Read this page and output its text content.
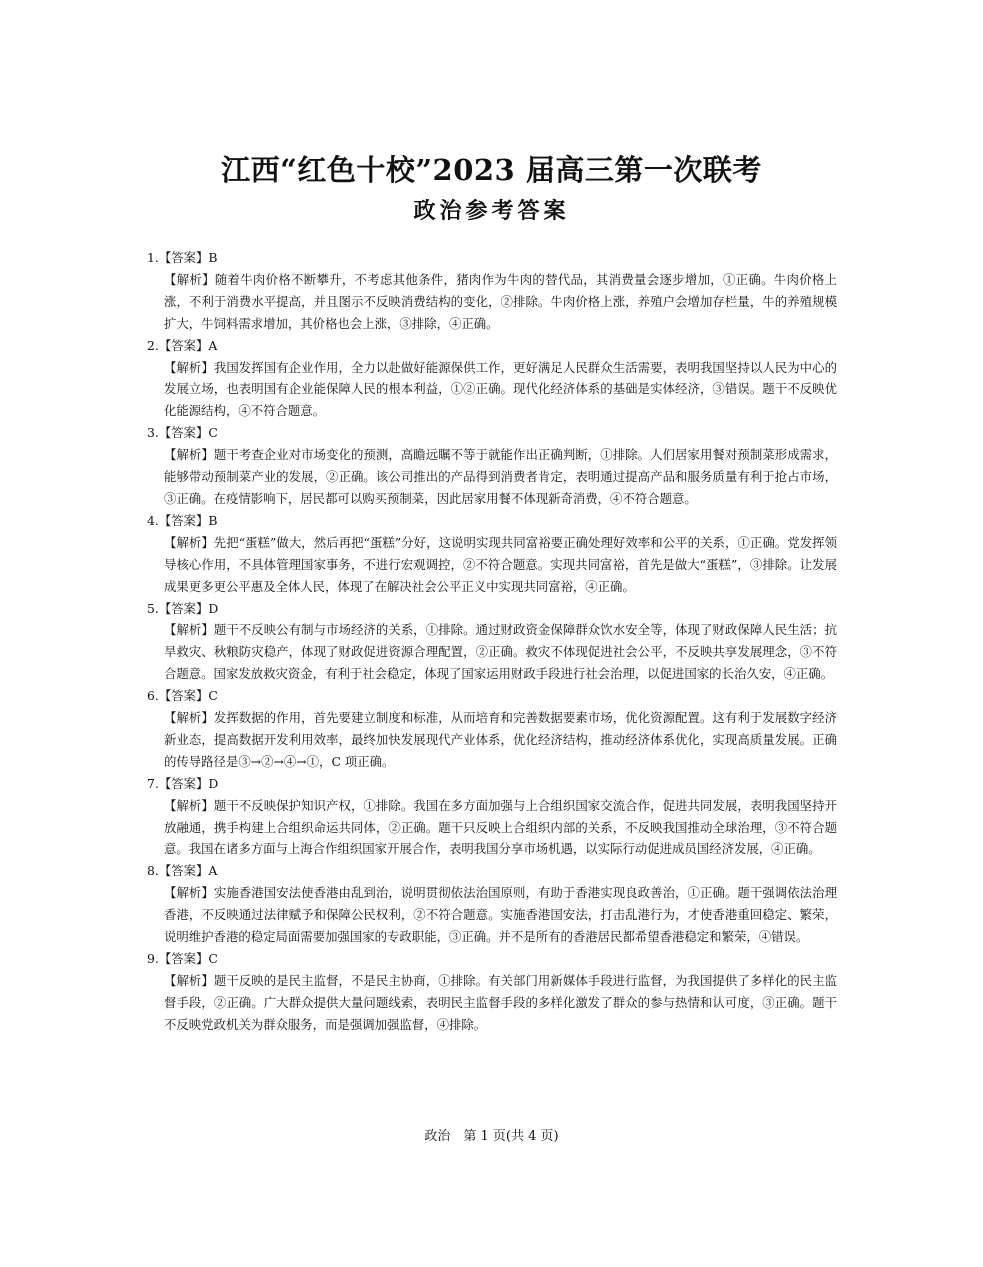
江西“红色十校”2023 届高三第一次联考
政治参考答案
1.【答案】B
【解析】随着牛肉价格不断攀升，不考虑其他条件，猪肉作为牛肉的替代品，其消费量会逐步增加，①正确。牛肉价格上涨，不利于消费水平提高，并且图示不反映消费结构的变化，②排除。牛肉价格上涨，养殖户会增加存栏量，牛的养殖规模扩大，牛饲料需求增加，其价格也会上涨，③排除，④正确。
2.【答案】A
【解析】我国发挥国有企业作用，全力以赴做好能源保供工作，更好满足人民群众生活需要，表明我国坚持以人民为中心的发展立场，也表明国有企业能保障人民的根本利益，①②正确。现代化经济体系的基础是实体经济，③错误。题干不反映优化能源结构，④不符合题意。
3.【答案】C
【解析】题干考查企业对市场变化的预测，高瞻远瞩不等于就能作出正确判断，①排除。人们居家用餐对预制菜形成需求，能够带动预制菜产业的发展，②正确。该公司推出的产品得到消费者肯定，表明通过提高产品和服务质量有利于抢占市场，③正确。在疫情影响下，居民都可以购买预制菜，因此居家用餐不体现新奇消费，④不符合题意。
4.【答案】B
【解析】先把“蛋糕”做大，然后再把“蛋糕”分好，这说明实现共同富裕要正确处理好效率和公平的关系，①正确。党发挥领导核心作用，不具体管理国家事务，不进行宏观调控，②不符合题意。实现共同富裕，首先是做大“蛋糕”，③排除。让发展成果更多更公平惠及全体人民，体现了在解决社会公平正义中实现共同富裕，④正确。
5.【答案】D
【解析】题干不反映公有制与市场经济的关系，①排除。通过财政资金保障群众饮水安全等，体现了财政保障人民生活；抗旱救灾、秋粮防灾稳产，体现了财政促进资源合理配置，②正确。救灾不体现促进社会公平，不反映共享发展理念，③不符合题意。国家发放救灾资金，有利于社会稳定，体现了国家运用财政手段进行社会治理，以促进国家的长治久安，④正确。
6.【答案】C
【解析】发挥数据的作用，首先要建立制度和标准，从而培育和完善数据要素市场，优化资源配置。这有利于发展数字经济新业态，提高数据开发利用效率，最终加快发展现代产业体系，优化经济结构，推动经济体系优化，实现高质量发展。正确的传导路径是③→②→④→①，C 项正确。
7.【答案】D
【解析】题干不反映保护知识产权，①排除。我国在多方面加强与上合组织国家交流合作，促进共同发展，表明我国坚持开放融通，携手构建上合组织命运共同体，②正确。题干只反映上合组织内部的关系，不反映我国推动全球治理，③不符合题意。我国在诸多方面与上海合作组织国家开展合作，表明我国分享市场机遇，以实际行动促进成员国经济发展，④正确。
8.【答案】A
【解析】实施香港国安法使香港由乱到治，说明贯彻依法治国原则，有助于香港实现良政善治，①正确。题干强调依法治理香港，不反映通过法律赋予和保障公民权利，②不符合题意。实施香港国安法，打击乱港行为，才使香港重回稳定、繁荣，说明维护香港的稳定局面需要加强国家的专政职能，③正确。并不是所有的香港居民都希望香港稳定和繁荣，④错误。
9.【答案】C
【解析】题干反映的是民主监督，不是民主协商，①排除。有关部门用新媒体手段进行监督，为我国提供了多样化的民主监督手段，②正确。广大群众提供大量问题线索，表明民主监督手段的多样化激发了群众的参与热情和认可度，③正确。题干不反映党政机关为群众服务，而是强调加强监督，④排除。
政治　第 1 页(共 4 页)
